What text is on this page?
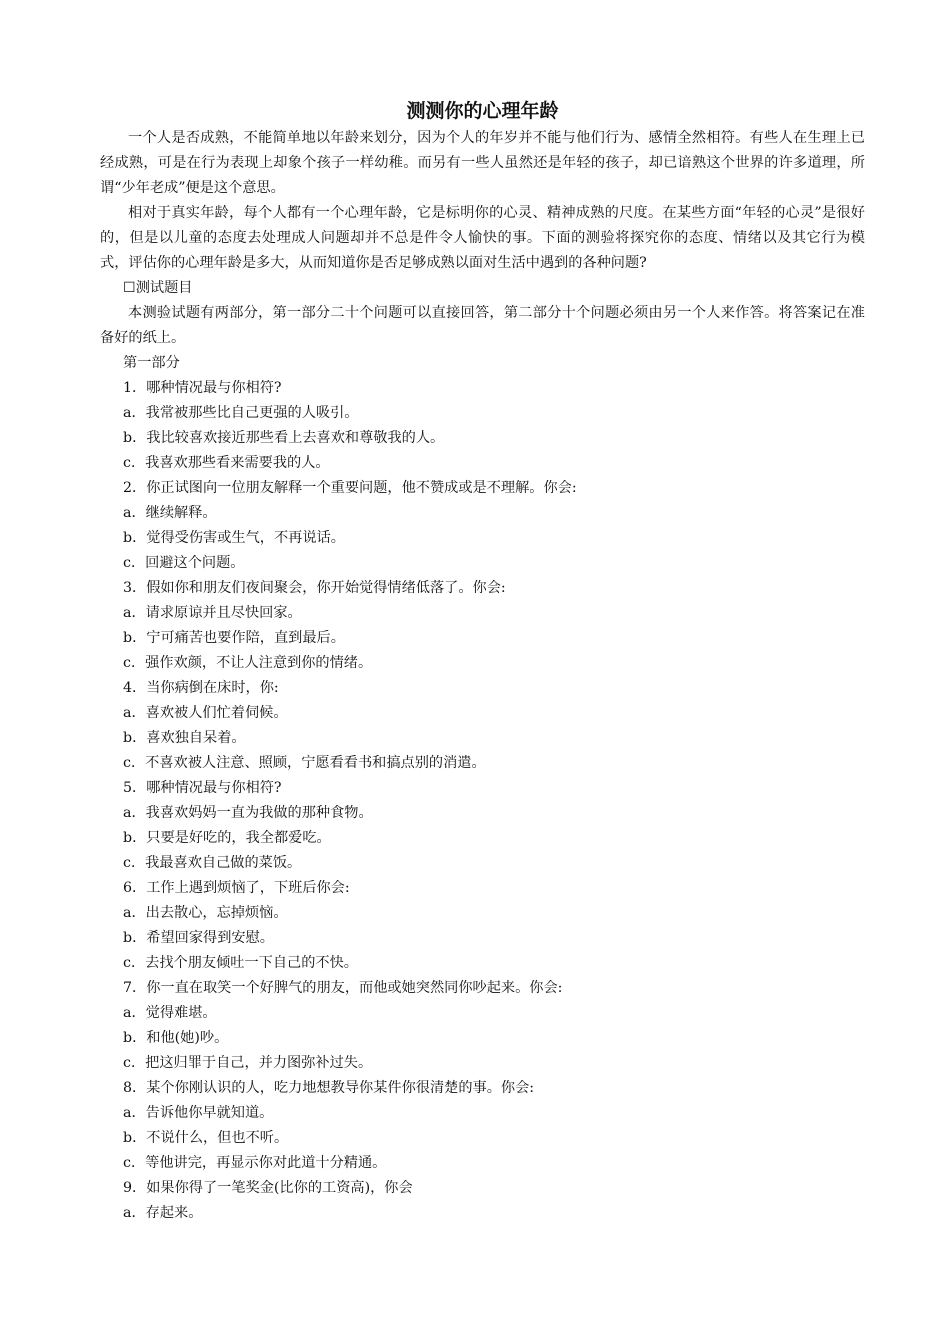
测测你的心理年龄

一个人是否成熟，不能简单地以年龄来划分，因为个人的年岁并不能与他们行为、感情全然相符。有些人在生理上已经成熟，可是在行为表现上却象个孩子一样幼稚。而另有一些人虽然还是年轻的孩子，却已谙熟这个世界的许多道理，所谓“少年老成”便是这个意思。

相对于真实年龄，每个人都有一个心理年龄，它是标明你的心灵、精神成熟的尺度。在某些方面“年轻的心灵”是很好的，但是以儿童的态度去处理成人问题却并不总是件令人愉快的事。下面的测验将探究你的态度、情绪以及其它行为模式，评估你的心理年龄是多大，从而知道你是否足够成熟以面对生活中遇到的各种问题?

☐测试题目

本测验试题有两部分，第一部分二十个问题可以直接回答，第二部分十个问题必须由另一个人来作答。将答案记在准备好的纸上。

第一部分

1．哪种情况最与你相符?

a．我常被那些比自己更强的人吸引。

b．我比较喜欢接近那些看上去喜欢和尊敬我的人。

c．我喜欢那些看来需要我的人。

2．你正试图向一位朋友解释一个重要问题，他不赞成或是不理解。你会:

a．继续解释。

b．觉得受伤害或生气，不再说话。

c．回避这个问题。

3．假如你和朋友们夜间聚会，你开始觉得情绪低落了。你会:

a．请求原谅并且尽快回家。

b．宁可痛苦也要作陪，直到最后。

c．强作欢颜，不让人注意到你的情绪。

4．当你病倒在床时，你:

a．喜欢被人们忙着伺候。

b．喜欢独自呆着。

c．不喜欢被人注意、照顾，宁愿看看书和搞点别的消遣。

5．哪种情况最与你相符?

a．我喜欢妈妈一直为我做的那种食物。

b．只要是好吃的，我全都爱吃。

c．我最喜欢自己做的菜饭。

6．工作上遇到烦恼了，下班后你会:

a．出去散心，忘掉烦恼。

b．希望回家得到安慰。

c．去找个朋友倾吐一下自己的不快。

7．你一直在取笑一个好脾气的朋友，而他或她突然同你吵起来。你会:

a．觉得难堪。

b．和他(她)吵。

c．把这归罪于自己，并力图弥补过失。

8．某个你刚认识的人，吃力地想教导你某件你很清楚的事。你会:

a．告诉他你早就知道。

b．不说什么，但也不听。

c．等他讲完，再显示你对此道十分精通。

9．如果你得了一笔奖金(比你的工资高)，你会

a．存起来。
